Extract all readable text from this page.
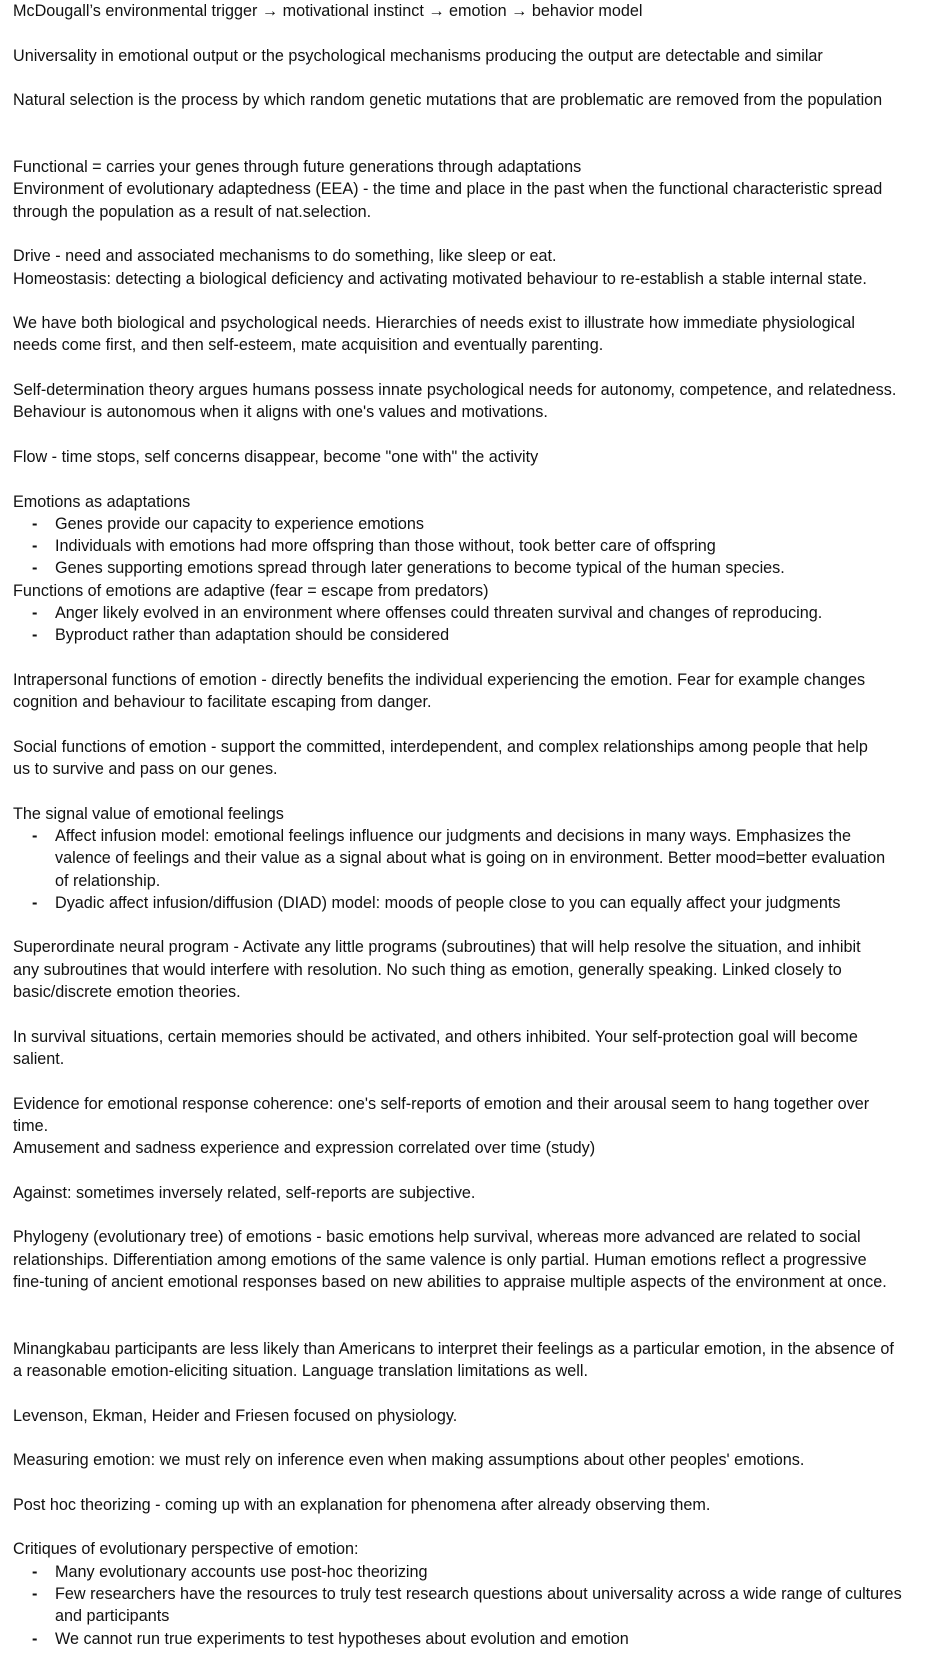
McDougall’s environmental trigger → motivational instinct → emotion → behavior model
Universality in emotional output or the psychological mechanisms producing the output are detectable and similar
Natural selection is the process by which random genetic mutations that are problematic are removed from the population
Functional = carries your genes through future generations through adaptations
Environment of evolutionary adaptedness (EEA) - the time and place in the past when the functional characteristic spread
through the population as a result of nat.selection.
Drive - need and associated mechanisms to do something, like sleep or eat.
Homeostasis: detecting a biological deficiency and activating motivated behaviour to re-establish a stable internal state.
We have both biological and psychological needs. Hierarchies of needs exist to illustrate how immediate physiological
needs come first, and then self-esteem, mate acquisition and eventually parenting.
Self-determination theory argues humans possess innate psychological needs for autonomy, competence, and relatedness.
Behaviour is autonomous when it aligns with one's values and motivations.
Flow - time stops, self concerns disappear, become "one with" the activity
Emotions as adaptations
- Genes provide our capacity to experience emotions
- Individuals with emotions had more offspring than those without, took better care of offspring
- Genes supporting emotions spread through later generations to become typical of the human species.
Functions of emotions are adaptive (fear = escape from predators)
- Anger likely evolved in an environment where offenses could threaten survival and changes of reproducing.
- Byproduct rather than adaptation should be considered
Intrapersonal functions of emotion - directly benefits the individual experiencing the emotion. Fear for example changes
cognition and behaviour to facilitate escaping from danger.
Social functions of emotion - support the committed, interdependent, and complex relationships among people that help
us to survive and pass on our genes.
The signal value of emotional feelings
- Affect infusion model: emotional feelings influence our judgments and decisions in many ways. Emphasizes the
valence of feelings and their value as a signal about what is going on in environment. Better mood=better evaluation
of relationship.
- Dyadic affect infusion/diffusion (DIAD) model: moods of people close to you can equally affect your judgments
Superordinate neural program - Activate any little programs (subroutines) that will help resolve the situation, and inhibit
any subroutines that would interfere with resolution. No such thing as emotion, generally speaking. Linked closely to
basic/discrete emotion theories.
In survival situations, certain memories should be activated, and others inhibited. Your self-protection goal will become
salient.
Evidence for emotional response coherence: one's self-reports of emotion and their arousal seem to hang together over
time.
Amusement and sadness experience and expression correlated over time (study)
Against: sometimes inversely related, self-reports are subjective.
Phylogeny (evolutionary tree) of emotions - basic emotions help survival, whereas more advanced are related to social
relationships. Differentiation among emotions of the same valence is only partial. Human emotions reflect a progressive
fine-tuning of ancient emotional responses based on new abilities to appraise multiple aspects of the environment at once.
Minangkabau participants are less likely than Americans to interpret their feelings as a particular emotion, in the absence of
a reasonable emotion-eliciting situation. Language translation limitations as well.
Levenson, Ekman, Heider and Friesen focused on physiology.
Measuring emotion: we must rely on inference even when making assumptions about other peoples' emotions.
Post hoc theorizing - coming up with an explanation for phenomena after already observing them.
Critiques of evolutionary perspective of emotion:
- Many evolutionary accounts use post-hoc theorizing
- Few researchers have the resources to truly test research questions about universality across a wide range of cultures
and participants
- We cannot run true experiments to test hypotheses about evolution and emotion
